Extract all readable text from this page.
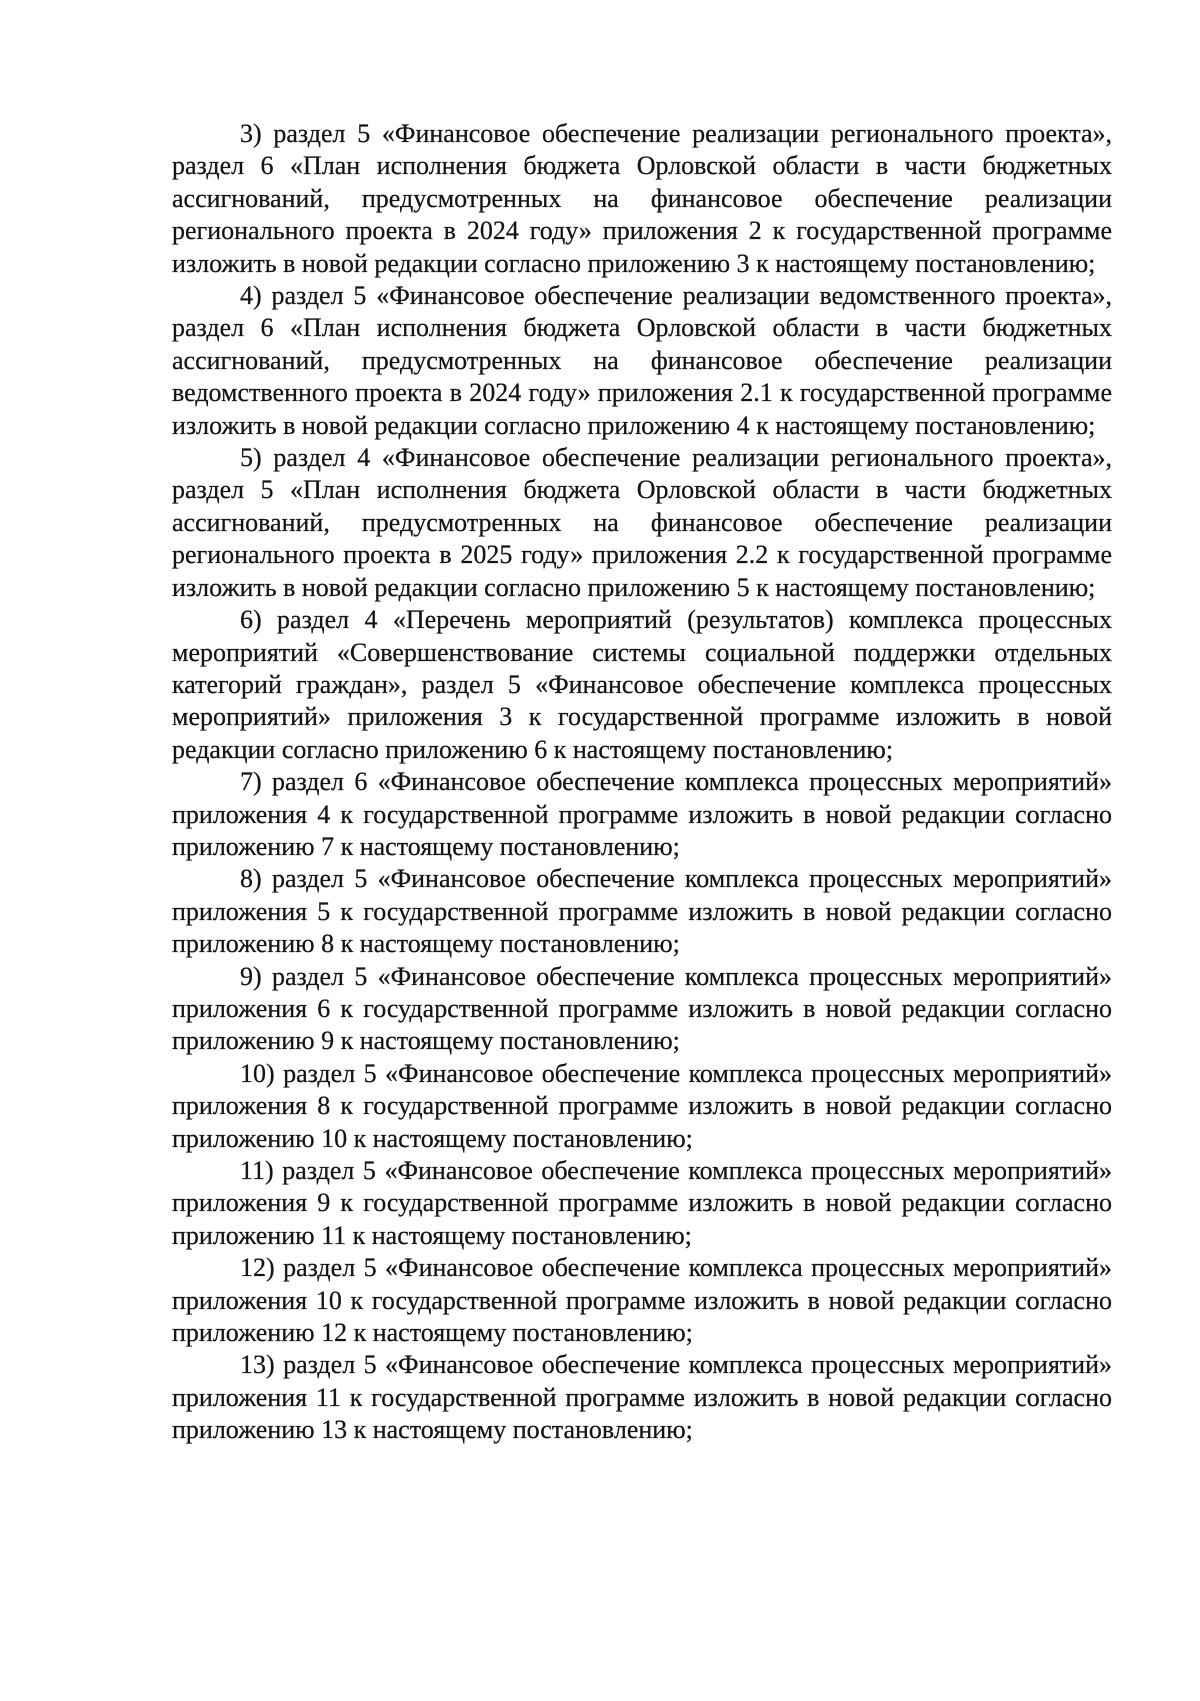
3) раздел 5 «Финансовое обеспечение реализации регионального проекта», раздел 6 «План исполнения бюджета Орловской области в части бюджетных ассигнований, предусмотренных на финансовое обеспечение реализации регионального проекта в 2024 году» приложения 2 к государственной программе изложить в новой редакции согласно приложению 3 к настоящему постановлению;

4) раздел 5 «Финансовое обеспечение реализации ведомственного проекта», раздел 6 «План исполнения бюджета Орловской области в части бюджетных ассигнований, предусмотренных на финансовое обеспечение реализации ведомственного проекта в 2024 году» приложения 2.1 к государственной программе изложить в новой редакции согласно приложению 4 к настоящему постановлению;

5) раздел 4 «Финансовое обеспечение реализации регионального проекта», раздел 5 «План исполнения бюджета Орловской области в части бюджетных ассигнований, предусмотренных на финансовое обеспечение реализации регионального проекта в 2025 году» приложения 2.2 к государственной программе изложить в новой редакции согласно приложению 5 к настоящему постановлению;

6) раздел 4 «Перечень мероприятий (результатов) комплекса процессных мероприятий «Совершенствование системы социальной поддержки отдельных категорий граждан», раздел 5 «Финансовое обеспечение комплекса процессных мероприятий» приложения 3 к государственной программе изложить в новой редакции согласно приложению 6 к настоящему постановлению;

7) раздел 6 «Финансовое обеспечение комплекса процессных мероприятий» приложения 4 к государственной программе изложить в новой редакции согласно приложению 7 к настоящему постановлению;

8) раздел 5 «Финансовое обеспечение комплекса процессных мероприятий» приложения 5 к государственной программе изложить в новой редакции согласно приложению 8 к настоящему постановлению;

9) раздел 5 «Финансовое обеспечение комплекса процессных мероприятий» приложения 6 к государственной программе изложить в новой редакции согласно приложению 9 к настоящему постановлению;

10) раздел 5 «Финансовое обеспечение комплекса процессных мероприятий» приложения 8 к государственной программе изложить в новой редакции согласно приложению 10 к настоящему постановлению;

11) раздел 5 «Финансовое обеспечение комплекса процессных мероприятий» приложения 9 к государственной программе изложить в новой редакции согласно приложению 11 к настоящему постановлению;

12) раздел 5 «Финансовое обеспечение комплекса процессных мероприятий» приложения 10 к государственной программе изложить в новой редакции согласно приложению 12 к настоящему постановлению;

13) раздел 5 «Финансовое обеспечение комплекса процессных мероприятий» приложения 11 к государственной программе изложить в новой редакции согласно приложению 13 к настоящему постановлению;
